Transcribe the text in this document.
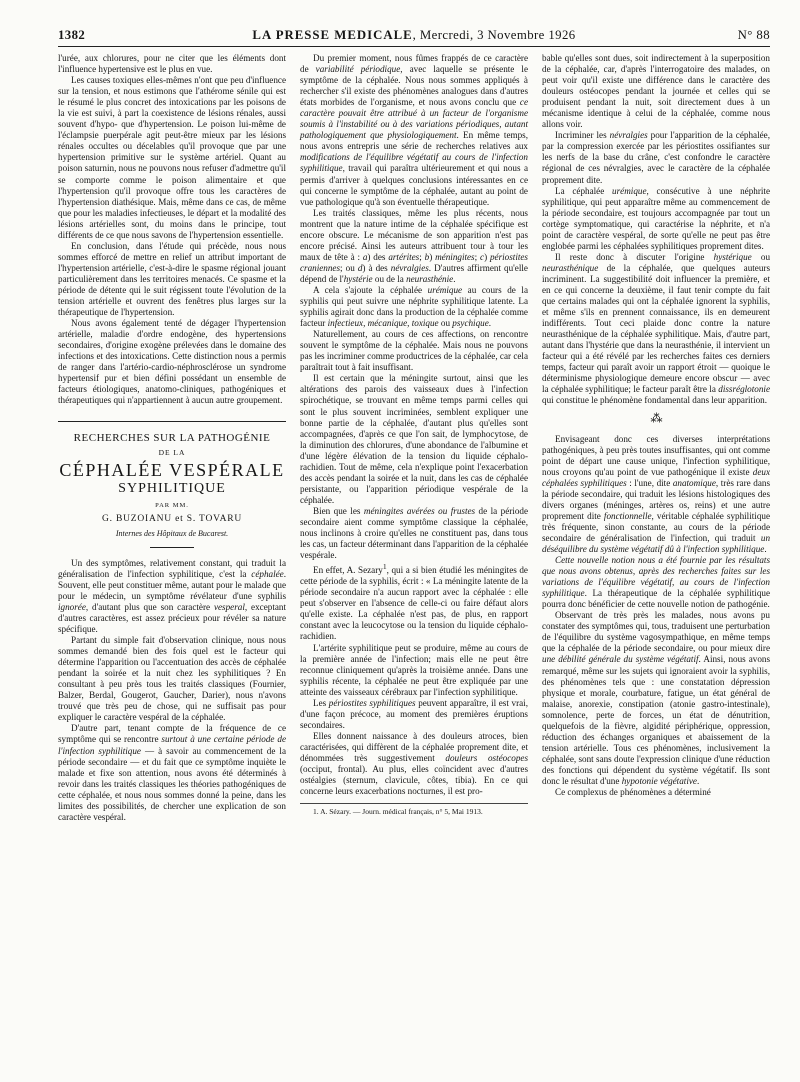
1382	LA PRESSE MEDICALE, Mercredi, 3 Novembre 1926	N° 88

l'urée, aux chlorures, pour ne citer que les éléments dont l'influence hypertensive est le plus en vue.

Les causes toxiques elles-mêmes n'ont que peu d'influence sur la tension, et nous estimons que l'athérome sénile qui est le résumé le plus concret des intoxications par les poisons de la vie est suivi, à part la coexistence de lésions rénales, aussi souvent d'hypo- que d'hypertension. Le poison lui-même de l'éclampsie puerpérale agit peut-être mieux par les lésions rénales occultes ou décelables qu'il provoque que par une hypertension primitive sur le système artériel. Quant au poison saturnin, nous ne pouvons nous refuser d'admettre qu'il se comporte comme le poison alimentaire et que l'hypertension qu'il provoque offre tous les caractères de l'hypertension diathésique. Mais, même dans ce cas, de même que pour les maladies infectieuses, le départ et la modalité des lésions artérielles sont, du moins dans le principe, tout différents de ce que nous savons de l'hypertension essentielle.

En conclusion, dans l'étude qui précède, nous nous sommes efforcé de mettre en relief un attribut important de l'hypertension artérielle, c'est-à-dire le spasme régional jouant particulièrement dans les territoires menacés. Ce spasme et la période de détente qui le suit régissent toute l'évolution de la tension artérielle et ouvrent des fenêtres plus larges sur la thérapeutique de l'hypertension.

Nous avons également tenté de dégager l'hypertension artérielle, maladie d'ordre endogène, des hypertensions secondaires, d'origine exogène prélevées dans le domaine des infections et des intoxications. Cette distinction nous a permis de ranger dans l'artério-cardio-néphrosclérose un syndrome hypertensif pur et bien défini possédant un ensemble de facteurs étiologiques, anatomo-cliniques, pathogéniques et thérapeutiques qui n'appartiennent à aucun autre groupement.

RECHERCHES SUR LA PATHOGÉNIE
DE LA
CÉPHALÉE VESPÉRALE
SYPHILITIQUE
PAR MM.
G. BUZOIANU et S. TOVARU
Internes des Hôpitaux de Bucarest.

Un des symptômes, relativement constant, qui traduit la généralisation de l'infection syphilitique, c'est la céphalée. Souvent, elle peut constituer même, autant pour le malade que pour le médecin, un symptôme révélateur d'une syphilis ignorée, d'autant plus que son caractère vesperal, exceptant d'autres caractères, est assez précieux pour révéler sa nature spécifique.

Partant du simple fait d'observation clinique, nous nous sommes demandé bien des fois quel est le facteur qui détermine l'apparition ou l'accentuation des accès de céphalée pendant la soirée et la nuit chez les syphilitiques ? En consultant à peu près tous les traités classiques (Fournier, Balzer, Berdal, Gougerot, Gaucher, Darier), nous n'avons trouvé que très peu de chose, qui ne suffisait pas pour expliquer le caractère vespéral de la céphalée.

D'autre part, tenant compte de la fréquence de ce symptôme qui se rencontre surtout à une certaine période de l'infection syphilitique — à savoir au commencement de la période secondaire — et du fait que ce symptôme inquiète le malade et fixe son attention, nous avons été déterminés à revoir dans les traités classiques les théories pathogéniques de cette céphalée, et nous nous sommes donné la peine, dans les limites des possibilités, de chercher une explication de son caractère vespéral.

Du premier moment, nous fûmes frappés de ce caractère de variabilité périodique, avec laquelle se présente le symptôme de la céphalée. Nous nous sommes appliqués à rechercher s'il existe des phénomènes analogues dans d'autres états morbides de l'organisme, et nous avons conclu que ce caractère pouvait être attribué à un facteur de l'organisme soumis à l'instabilité ou à des variations périodiques, autant pathologiquement que physiologiquement. En même temps, nous avons entrepris une série de recherches relatives aux modifications de l'équilibre végétatif au cours de l'infection syphilitique, travail qui paraîtra ultérieurement et qui nous a permis d'arriver à quelques conclusions intéressantes en ce qui concerne le symptôme de la céphalée, autant au point de vue pathologique qu'à son éventuelle thérapeutique.

Les traités classiques, même les plus récents, nous montrent que la nature intime de la céphalée spécifique est encore obscure. Le mécanisme de son apparition n'est pas encore précisé. Ainsi les auteurs attribuent tour à tour les maux de tête à : a) des artérites; b) méningites; c) périostites craniennes; ou d) à des névralgies. D'autres affirment qu'elle dépend de l'hystérie ou de la neurasthénie.

A cela s'ajoute la céphalée urémique au cours de la syphilis qui peut suivre une néphrite syphilitique latente. La syphilis agirait donc dans la production de la céphalée comme facteur infectieux, mécanique, toxique ou psychique.

Naturellement, au cours de ces affections, on rencontre souvent le symptôme de la céphalée. Mais nous ne pouvons pas les incriminer comme productrices de la céphalée, car cela paraîtrait tout à fait insuffisant.

Il est certain que la méningite surtout, ainsi que les altérations des parois des vaisseaux dues à l'infection spirochétique, se trouvant en même temps parmi celles qui sont le plus souvent incriminées, semblent expliquer une bonne partie de la céphalée, d'autant plus qu'elles sont accompagnées, d'après ce que l'on sait, de lymphocytose, de la diminution des chlorures, d'une abondance de l'albumine et d'une légère élévation de la tension du liquide céphalo-rachidien. Tout de même, cela n'explique point l'exacerbation des accès pendant la soirée et la nuit, dans les cas de céphalée persistante, ou l'apparition périodique vespérale de la céphalée.

Bien que les méningites avérées ou frustes de la période secondaire aient comme symptôme classique la céphalée, nous inclinons à croire qu'elles ne constituent pas, dans tous les cas, un facteur déterminant dans l'apparition de la céphalée vespérale.

En effet, A. Sezary$^1$, qui a si bien étudié les méningites de cette période de la syphilis, écrit : « La méningite latente de la période secondaire n'a aucun rapport avec la céphalée : elle peut s'observer en l'absence de celle-ci ou faire défaut alors qu'elle existe. La céphalée n'est pas, de plus, en rapport constant avec la leucocytose ou la tension du liquide céphalo-rachidien.

L'artérite syphilitique peut se produire, même au cours de la première année de l'infection; mais elle ne peut être reconnue cliniquement qu'après la troisième année. Dans une syphilis récente, la céphalée ne peut être expliquée par une atteinte des vaisseaux cérébraux par l'infection syphilitique.

Les périostites syphilitiques peuvent apparaître, il est vrai, d'une façon précoce, au moment des premières éruptions secondaires.

Elles donnent naissance à des douleurs atroces, bien caractérisées, qui diffèrent de la céphalée proprement dite, et dénommées très suggestivement douleurs ostéocopes (occiput, frontal). Au plus, elles coïncident avec d'autres ostéalgies (sternum, clavicule, côtes, tibia). En ce qui concerne leurs exacerbations nocturnes, il est pro-

1. A. Sézary. — Journ. médical français, n° 5, Mai 1913.

bable qu'elles sont dues, soit indirectement à la superposition de la céphalée, car, d'après l'interrogatoire des malades, on peut voir qu'il existe une différence dans le caractère des douleurs ostéocopes pendant la journée et celles qui se produisent pendant la nuit, soit directement dues à un mécanisme identique à celui de la céphalée, comme nous allons voir.

Incriminer les névralgies pour l'apparition de la céphalée, par la compression exercée par les périostites ossifiantes sur les nerfs de la base du crâne, c'est confondre le caractère régional de ces névralgies, avec le caractère de la céphalée proprement dite.

La céphalée urémique, consécutive à une néphrite syphilitique, qui peut apparaître même au commencement de la période secondaire, est toujours accompagnée par tout un cortège symptomatique, qui caractérise la néphrite, et n'a point de caractère vespéral, de sorte qu'elle ne peut pas être englobée parmi les céphalées syphilitiques proprement dites.

Il reste donc à discuter l'origine hystérique ou neurasthénique de la céphalée, que quelques auteurs incriminent. La suggestibilité doit influencer la première, et en ce qui concerne la deuxième, il faut tenir compte du fait que certains malades qui ont la céphalée ignorent la syphilis, et même s'ils en prennent connaissance, ils en demeurent indifférents. Tout ceci plaide donc contre la nature neurasthénique de la céphalée syphilitique. Mais, d'autre part, autant dans l'hystérie que dans la neurasthénie, il intervient un facteur qui a été révélé par les recherches faites ces derniers temps, facteur qui paraît avoir un rapport étroit — quoique le déterminisme physiologique demeure encore obscur — avec la céphalée syphilitique; le facteur paraît être la dissréglotonie qui constitue le phénomène fondamental dans leur apparition.

⁂

Envisageant donc ces diverses interprétations pathogéniques, à peu près toutes insuffisantes, qui ont comme point de départ une cause unique, l'infection syphilitique, nous croyons qu'au point de vue pathogénique il existe deux céphalées syphilitiques : l'une, dite anatomique, très rare dans la période secondaire, qui traduit les lésions histologiques des divers organes (méninges, artères os, reins) et une autre proprement dite fonctionnelle, véritable céphalée syphilitique très fréquente, sinon constante, au cours de la période secondaire de généralisation de l'infection, qui traduit un déséquilibre du système végétatif dû à l'infection syphilitique.

Cette nouvelle notion nous a été fournie par les résultats que nous avons obtenus, après des recherches faites sur les variations de l'équilibre végétatif, au cours de l'infection syphilitique. La thérapeutique de la céphalée syphilitique pourra donc bénéficier de cette nouvelle notion de pathogénie.

Observant de très près les malades, nous avons pu constater des symptômes qui, tous, traduisent une perturbation de l'équilibre du système vagosympathique, en même temps que la céphalée de la période secondaire, ou pour mieux dire une débilité générale du système végétatif. Ainsi, nous avons remarqué, même sur les sujets qui ignoraient avoir la syphilis, des phénomènes tels que : une constatation dépression physique et morale, courbature, fatigue, un état général de malaise, anorexie, constipation (atonie gastro-intestinale), somnolence, perte de forces, un état de dénutrition, quelquefois de la fièvre, algidité périphérique, oppression, réduction des échanges organiques et abaissement de la tension artérielle. Tous ces phénomènes, inclusivement la céphalée, sont sans doute l'expression clinique d'une réduction des fonctions qui dépendent du système végétatif. Ils sont donc le résultat d'une hypotonie végétative.

Ce complexus de phénomènes a déterminé
